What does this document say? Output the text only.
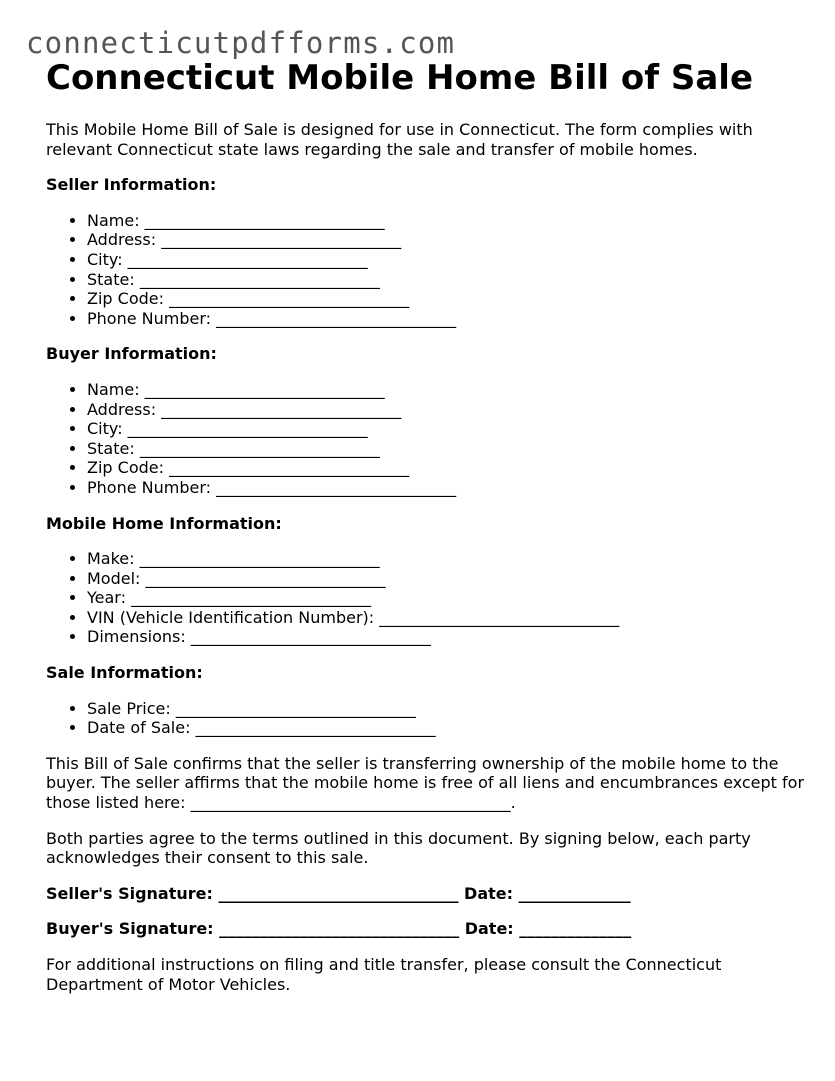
connecticutpdfforms.com
Connecticut Mobile Home Bill of Sale

This Mobile Home Bill of Sale is designed for use in Connecticut. The form complies with relevant Connecticut state laws regarding the sale and transfer of mobile homes.

Seller Information:
• Name: ______________________________
• Address: ______________________________
• City: ______________________________
• State: ______________________________
• Zip Code: ______________________________
• Phone Number: ______________________________
Buyer Information:
• Name: ______________________________
• Address: ______________________________
• City: ______________________________
• State: ______________________________
• Zip Code: ______________________________
• Phone Number: ______________________________
Mobile Home Information:
• Make: ______________________________
• Model: ______________________________
• Year: ______________________________
• VIN (Vehicle Identification Number): ______________________________
• Dimensions: ______________________________
Sale Information:
• Sale Price: ______________________________
• Date of Sale: ______________________________

This Bill of Sale confirms that the seller is transferring ownership of the mobile home to the buyer. The seller affirms that the mobile home is free of all liens and encumbrances except for those listed here: ________________________________________.

Both parties agree to the terms outlined in this document. By signing below, each party acknowledges their consent to this sale.

Seller's Signature: ______________________________ Date: ______________

Buyer's Signature: ______________________________ Date: ______________

For additional instructions on filing and title transfer, please consult the Connecticut Department of Motor Vehicles.
